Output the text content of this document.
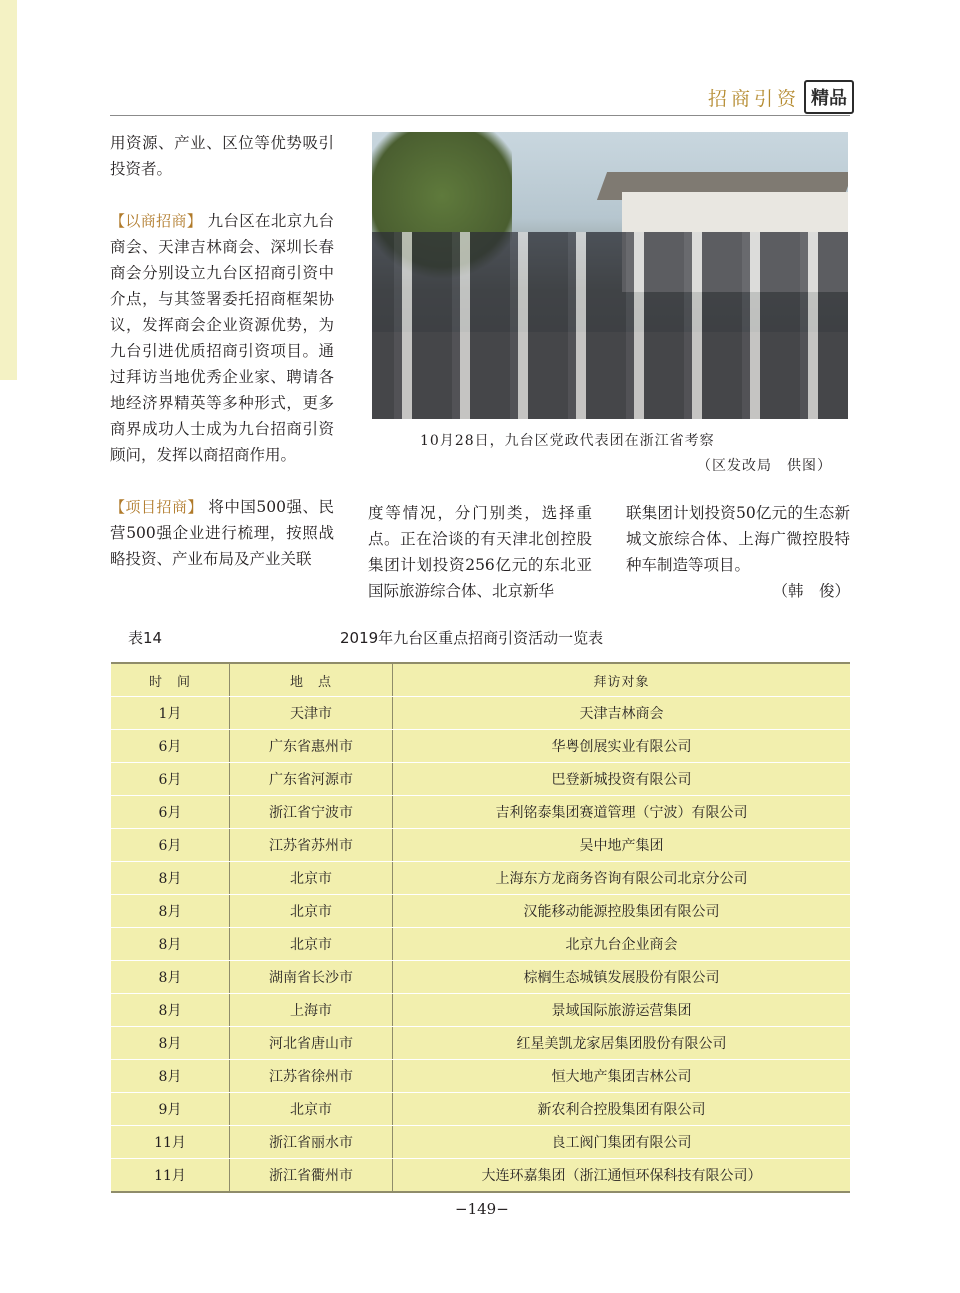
招商引资 精品

用资源、产业、区位等优势吸引投资者。

【以商招商】 九台区在北京九台商会、天津吉林商会、深圳长春商会分别设立九台区招商引资中介点，与其签署委托招商框架协议，发挥商会企业资源优势，为九台引进优质招商引资项目。通过拜访当地优秀企业家、聘请各地经济界精英等多种形式，更多商界成功人士成为九台招商引资顾问，发挥以商招商作用。

【项目招商】 将中国500强、民营500强企业进行梳理，按照战略投资、产业布局及产业关联

10月28日，九台区党政代表团在浙江省考察
（区发改局　供图）

度等情况，分门别类，选择重点。正在洽谈的有天津北创控股集团计划投资256亿元的东北亚国际旅游综合体、北京新华

联集团计划投资50亿元的生态新城文旅综合体、上海广微控股特种车制造等项目。

（韩　俊）

表14	2019年九台区重点招商引资活动一览表
时　间	地　点	拜访对象
1月	天津市	天津吉林商会
6月	广东省惠州市	华粤创展实业有限公司
6月	广东省河源市	巴登新城投资有限公司
6月	浙江省宁波市	吉利铭泰集团赛道管理（宁波）有限公司
6月	江苏省苏州市	吴中地产集团
8月	北京市	上海东方龙商务咨询有限公司北京分公司
8月	北京市	汉能移动能源控股集团有限公司
8月	北京市	北京九台企业商会
8月	湖南省长沙市	棕榈生态城镇发展股份有限公司
8月	上海市	景域国际旅游运营集团
8月	河北省唐山市	红星美凯龙家居集团股份有限公司
8月	江苏省徐州市	恒大地产集团吉林公司
9月	北京市	新农利合控股集团有限公司
11月	浙江省丽水市	良工阀门集团有限公司
11月	浙江省衢州市	大连环嘉集团（浙江通恒环保科技有限公司）
−149−
